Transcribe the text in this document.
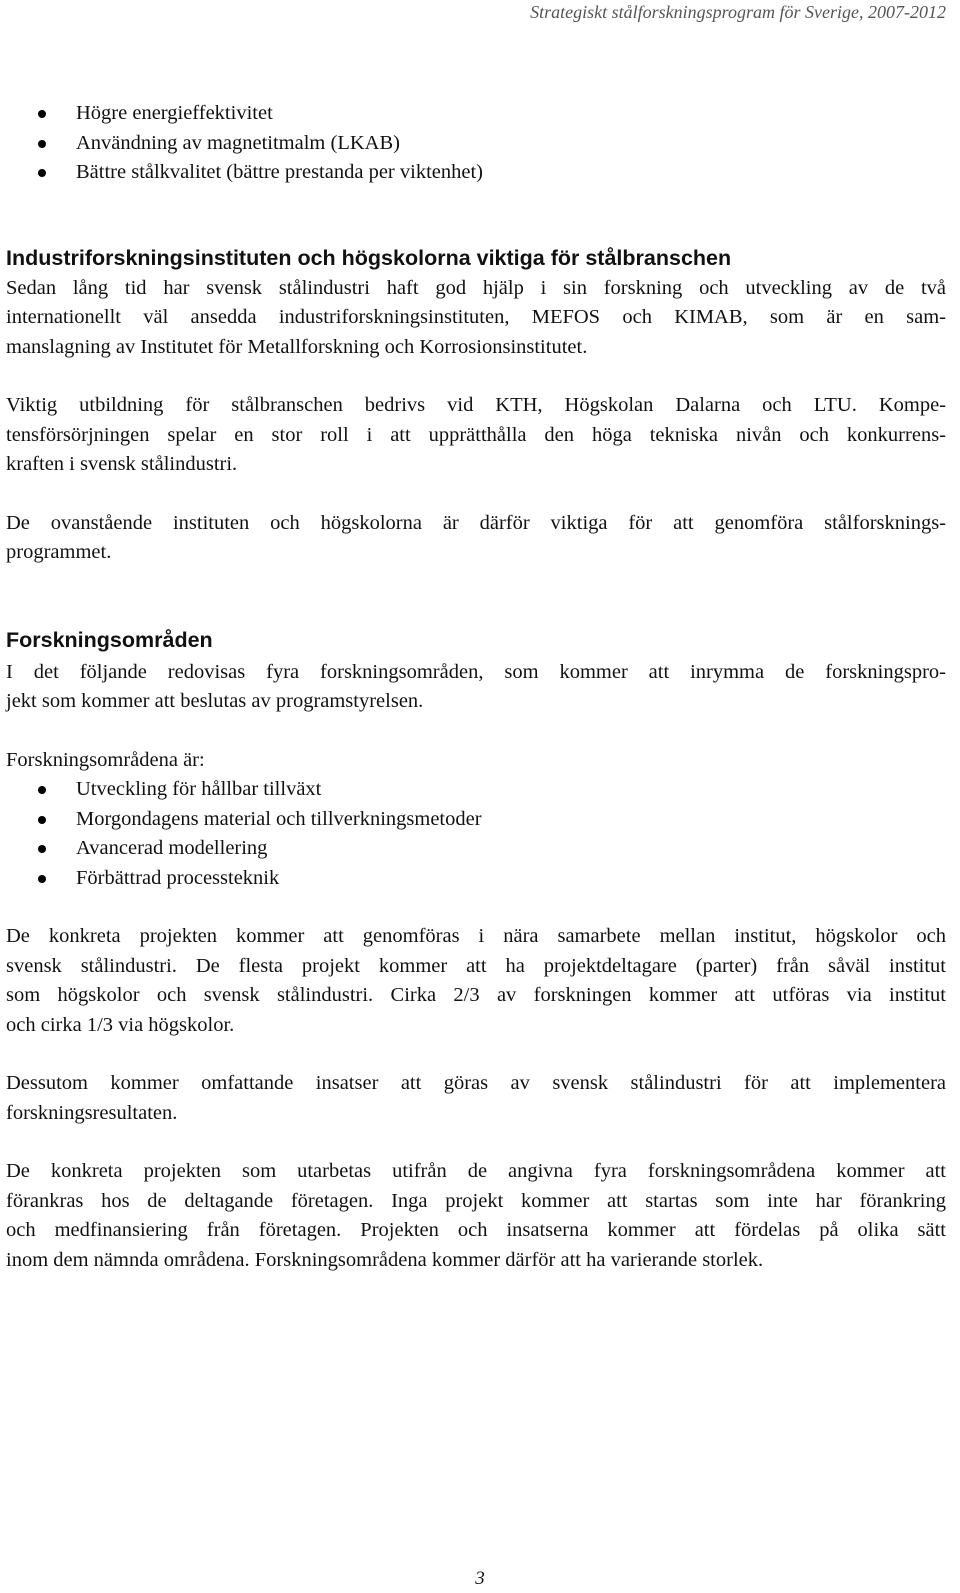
Strategiskt stålforskningsprogram för Sverige, 2007-2012
Högre energieffektivitet
Användning av magnetitmalm (LKAB)
Bättre stålkvalitet (bättre prestanda per viktenhet)
Industriforskningsinstituten och högskolorna viktiga för stålbranschen

Sedan lång tid har svensk stålindustri haft god hjälp i sin forskning och utveckling av de två
internationellt väl ansedda industriforskningsinstituten, MEFOS och KIMAB, som är en sam-
manslagning av Institutet för Metallforskning och Korrosionsinstitutet.

Viktig utbildning för stålbranschen bedrivs vid KTH, Högskolan Dalarna och LTU. Kompe-
tensförsörjningen spelar en stor roll i att upprätthålla den höga tekniska nivån och konkurrens-
kraften i svensk stålindustri.

De ovanstående instituten och högskolorna är därför viktiga för att genomföra stålforsknings-
programmet.

Forskningsområden

I det följande redovisas fyra forskningsområden, som kommer att inrymma de forskningspro-
jekt som kommer att beslutas av programstyrelsen.

Forskningsområdena är:

Utveckling för hållbar tillväxt
Morgondagens material och tillverkningsmetoder
Avancerad modellering
Förbättrad processteknik

De konkreta projekten kommer att genomföras i nära samarbete mellan institut, högskolor och
svensk stålindustri. De flesta projekt kommer att ha projektdeltagare (parter) från såväl institut
som högskolor och svensk stålindustri. Cirka 2/3 av forskningen kommer att utföras via institut
och cirka 1/3 via högskolor.

Dessutom kommer omfattande insatser att göras av svensk stålindustri för att implementera
forskningsresultaten.

De konkreta projekten som utarbetas utifrån de angivna fyra forskningsområdena kommer att
förankras hos de deltagande företagen. Inga projekt kommer att startas som inte har förankring
och medfinansiering från företagen. Projekten och insatserna kommer att fördelas på olika sätt
inom dem nämnda områdena. Forskningsområdena kommer därför att ha varierande storlek.

3
